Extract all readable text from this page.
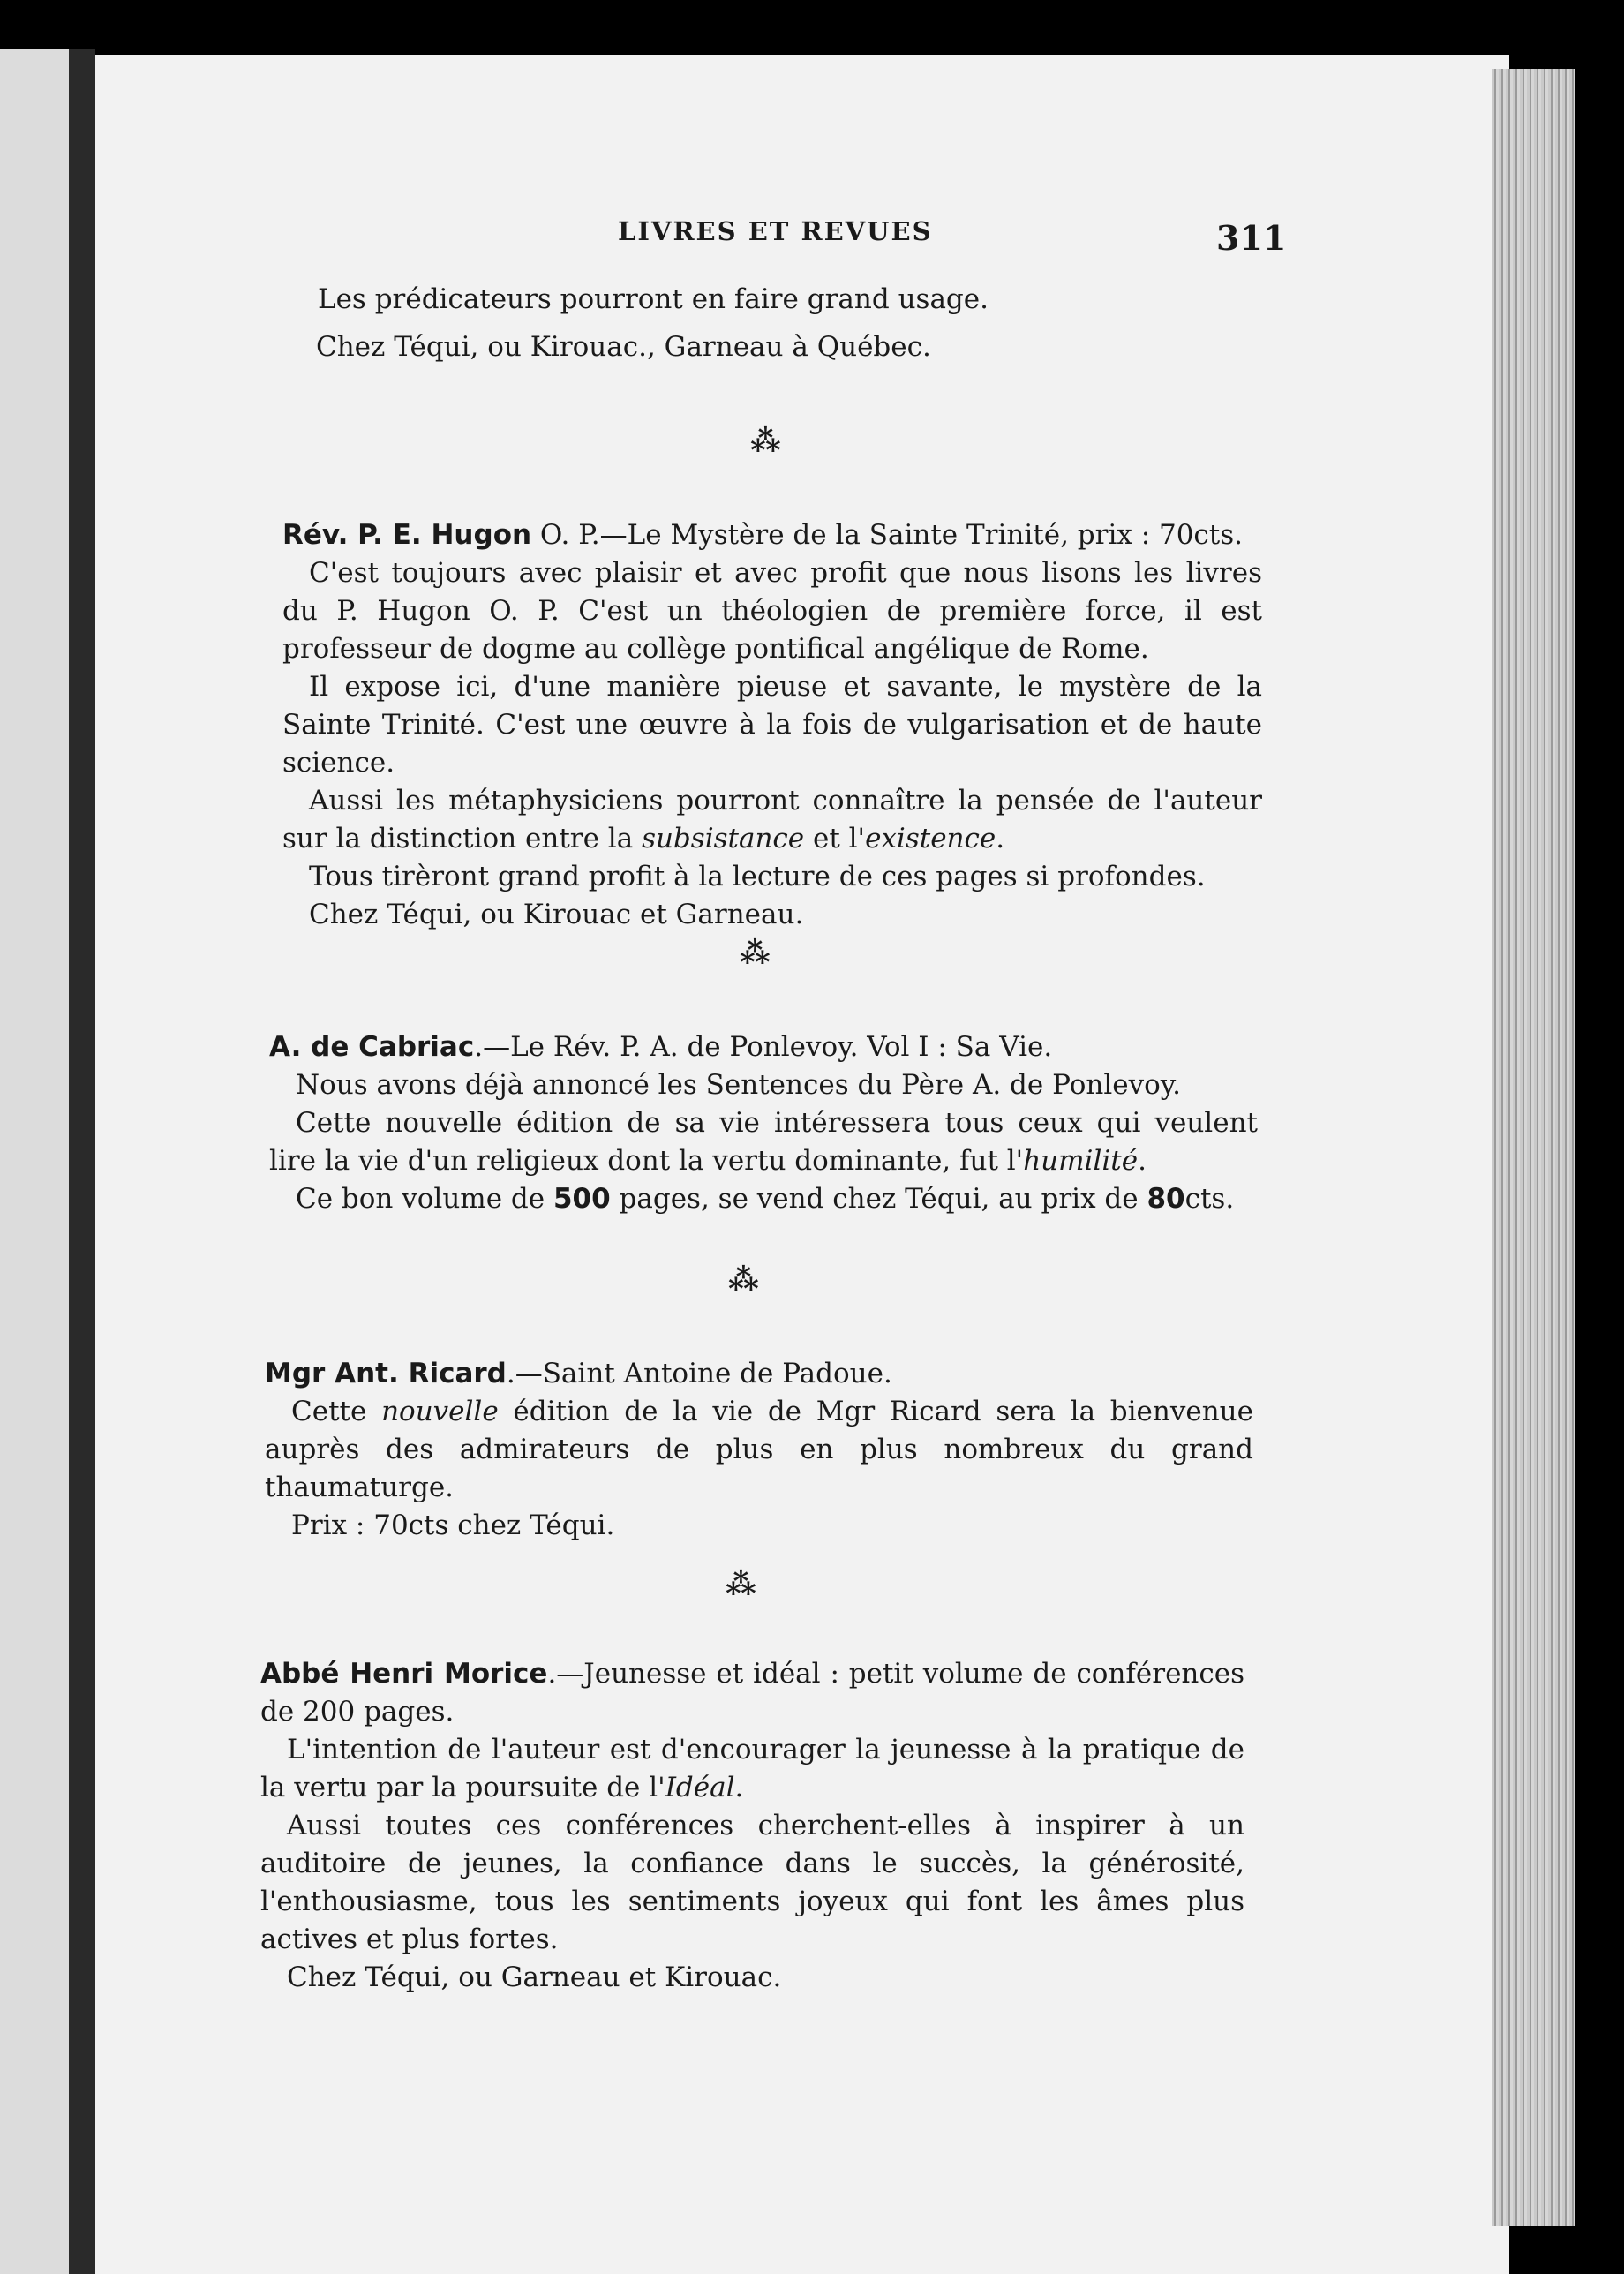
LIVRES ET REVUES	311
Les prédicateurs pourront en faire grand usage.
Chez Téqui, ou Kirouac., Garneau à Québec.
⁂
Rév. P. E. Hugon O. P.—Le Mystère de la Sainte Trinité, prix : 70cts.
C'est toujours avec plaisir et avec profit que nous lisons les livres du P. Hugon O. P. C'est un théologien de première force, il est professeur de dogme au collège pontifical angélique de Rome.
Il expose ici, d'une manière pieuse et savante, le mystère de la Sainte Trinité. C'est une œuvre à la fois de vulgarisation et de haute science.
Aussi les métaphysiciens pourront connaître la pensée de l'auteur sur la distinction entre la subsistance et l'existence.
Tous tirèront grand profit à la lecture de ces pages si profondes.
Chez Téqui, ou Kirouac et Garneau.
⁂
A. de Cabriac.—Le Rév. P. A. de Ponlevoy. Vol I : Sa Vie.
Nous avons déjà annoncé les Sentences du Père A. de Ponlevoy.
Cette nouvelle édition de sa vie intéressera tous ceux qui veulent lire la vie d'un religieux dont la vertu dominante, fut l'humilité.
Ce bon volume de 500 pages, se vend chez Téqui, au prix de 80cts.
⁂
Mgr Ant. Ricard.—Saint Antoine de Padoue.
Cette nouvelle édition de la vie de Mgr Ricard sera la bienvenue auprès des admirateurs de plus en plus nombreux du grand thaumaturge.
Prix : 70cts chez Téqui.
⁂
Abbé Henri Morice.—Jeunesse et idéal : petit volume de conférences de 200 pages.
L'intention de l'auteur est d'encourager la jeunesse à la pratique de la vertu par la poursuite de l'Idéal.
Aussi toutes ces conférences cherchent-elles à inspirer à un auditoire de jeunes, la confiance dans le succès, la générosité, l'enthousiasme, tous les sentiments joyeux qui font les âmes plus actives et plus fortes.
Chez Téqui, ou Garneau et Kirouac.
